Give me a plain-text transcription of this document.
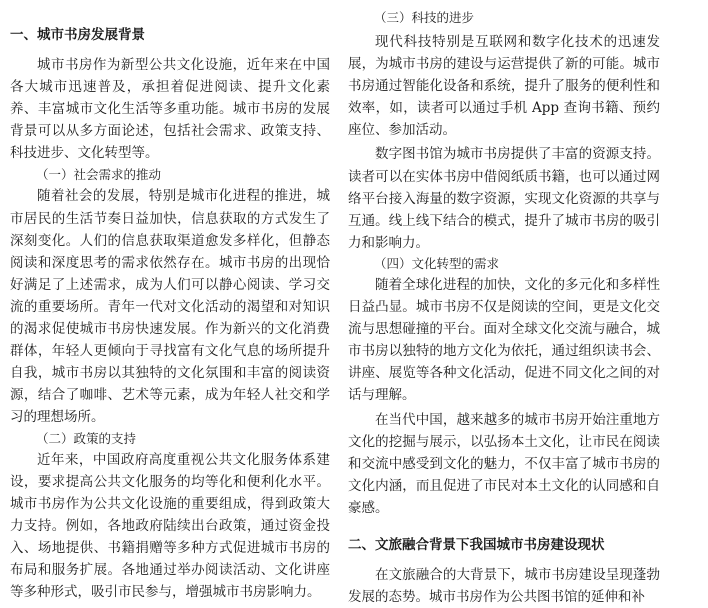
一、城市书房发展背景

城市书房作为新型公共文化设施，近年来在中国各大城市迅速普及，承担着促进阅读、提升文化素养、丰富城市文化生活等多重功能。城市书房的发展背景可以从多方面论述，包括社会需求、政策支持、科技进步、文化转型等。

（一）社会需求的推动

随着社会的发展，特别是城市化进程的推进，城市居民的生活节奏日益加快，信息获取的方式发生了深刻变化。人们的信息获取渠道愈发多样化，但静态阅读和深度思考的需求依然存在。城市书房的出现恰好满足了上述需求，成为人们可以静心阅读、学习交流的重要场所。青年一代对文化活动的渴望和对知识的渴求促使城市书房快速发展。作为新兴的文化消费群体，年轻人更倾向于寻找富有文化气息的场所提升自我，城市书房以其独特的文化氛围和丰富的阅读资源，结合了咖啡、艺术等元素，成为年轻人社交和学习的理想场所。

（二）政策的支持

近年来，中国政府高度重视公共文化服务体系建设，要求提高公共文化服务的均等化和便利化水平。城市书房作为公共文化设施的重要组成，得到政策大力支持。例如，各地政府陆续出台政策，通过资金投入、场地提供、书籍捐赠等多种方式促进城市书房的布局和服务扩展。各地通过举办阅读活动、文化讲座等多种形式，吸引市民参与，增强城市书房影响力。

（三）科技的进步

现代科技特别是互联网和数字化技术的迅速发展，为城市书房的建设与运营提供了新的可能。城市书房通过智能化设备和系统，提升了服务的便利性和效率，如，读者可以通过手机 App 查询书籍、预约座位、参加活动。

数字图书馆为城市书房提供了丰富的资源支持。读者可以在实体书房中借阅纸质书籍，也可以通过网络平台接入海量的数字资源，实现文化资源的共享与互通。线上线下结合的模式，提升了城市书房的吸引力和影响力。

（四）文化转型的需求

随着全球化进程的加快，文化的多元化和多样性日益凸显。城市书房不仅是阅读的空间，更是文化交流与思想碰撞的平台。面对全球文化交流与融合，城市书房以独特的地方文化为依托，通过组织读书会、讲座、展览等各种文化活动，促进不同文化之间的对话与理解。

在当代中国，越来越多的城市书房开始注重地方文化的挖掘与展示，以弘扬本土文化，让市民在阅读和交流中感受到文化的魅力，不仅丰富了城市书房的文化内涵，而且促进了市民对本土文化的认同感和自豪感。

二、文旅融合背景下我国城市书房建设现状

在文旅融合的大背景下，城市书房建设呈现蓬勃发展的态势。城市书房作为公共图书馆的延伸和补
